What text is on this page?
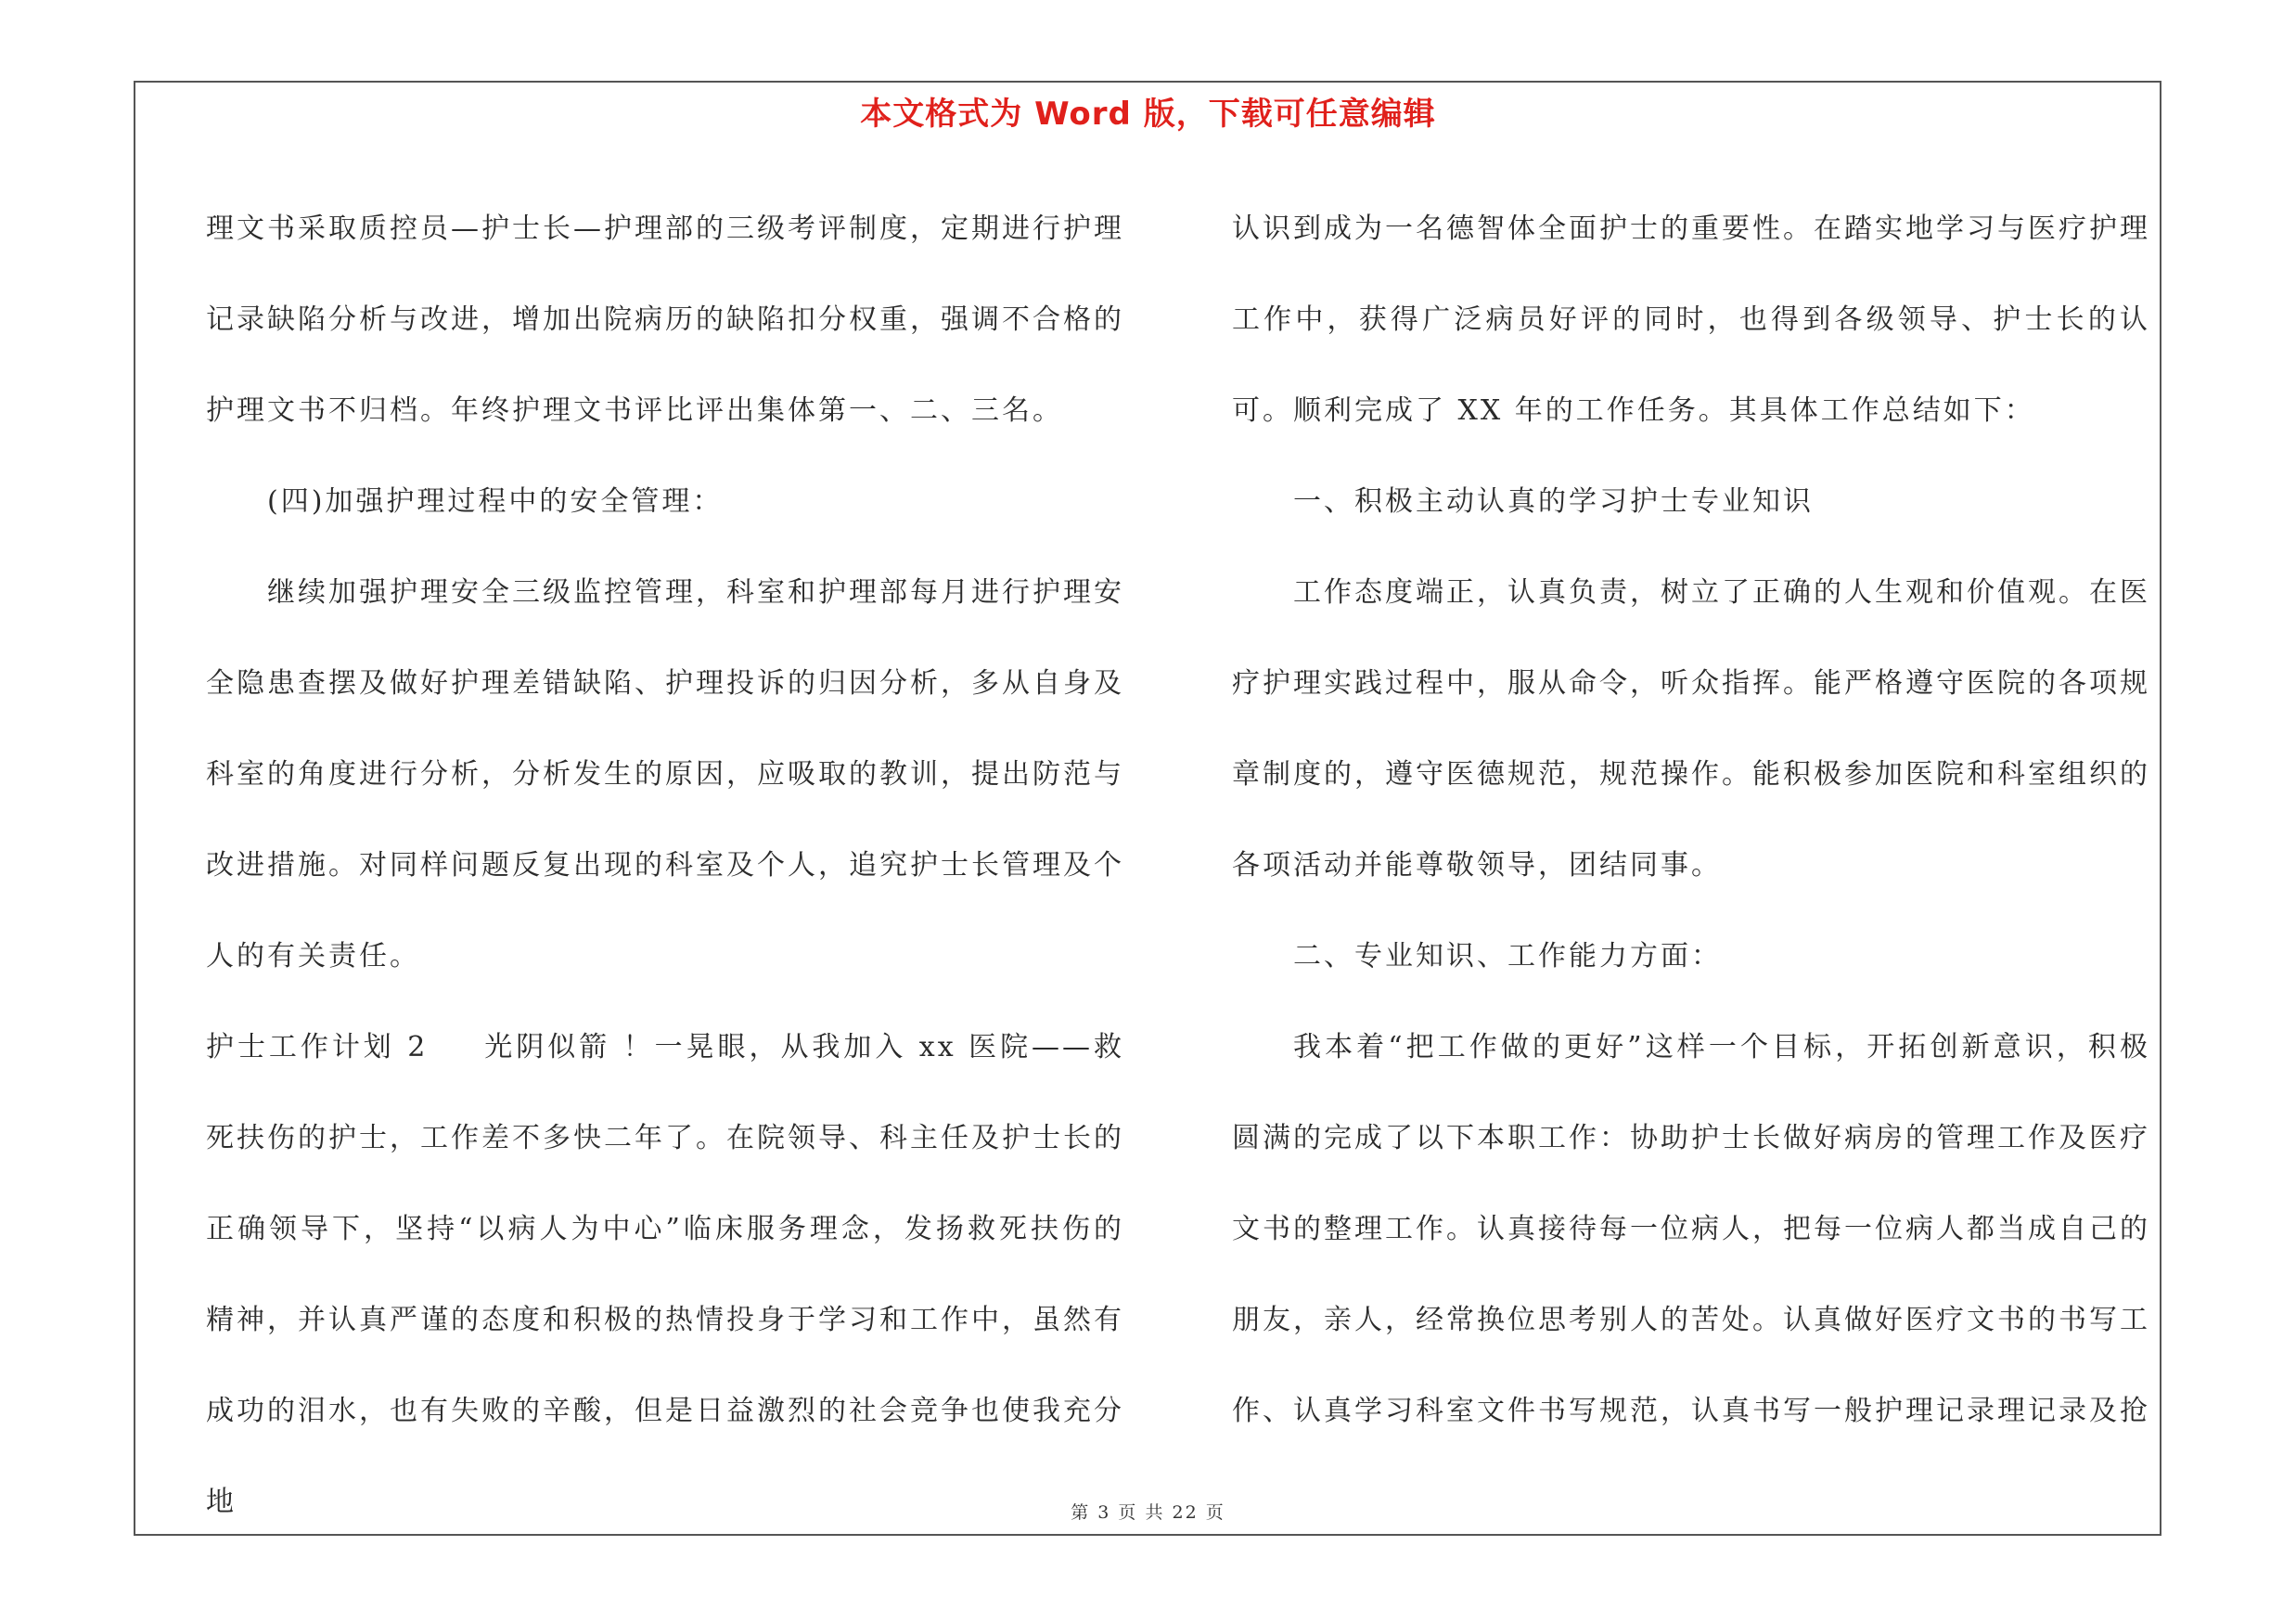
本文格式为 Word 版，下载可任意编辑

理文书采取质控员—护士长—护理部的三级考评制度，定期进行护理记录缺陷分析与改进，增加出院病历的缺陷扣分权重，强调不合格的护理文书不归档。年终护理文书评比评出集体第一、二、三名。

(四)加强护理过程中的安全管理：

继续加强护理安全三级监控管理，科室和护理部每月进行护理安全隐患查摆及做好护理差错缺陷、护理投诉的归因分析，多从自身及科室的角度进行分析，分析发生的原因，应吸取的教训，提出防范与改进措施。对同样问题反复出现的科室及个人，追究护士长管理及个人的有关责任。

护士工作计划 2 光阴似箭 ！一晃眼，从我加入 xx 医院——救死扶伤的护士，工作差不多快二年了。在院领导、科主任及护士长的正确领导下，坚持“以病人为中心”临床服务理念，发扬救死扶伤的精神，并认真严谨的态度和积极的热情投身于学习和工作中，虽然有成功的泪水，也有失败的辛酸，但是日益激烈的社会竞争也使我充分地

认识到成为一名德智体全面护士的重要性。在踏实地学习与医疗护理工作中，获得广泛病员好评的同时，也得到各级领导、护士长的认可。顺利完成了 XX 年的工作任务。其具体工作总结如下：

一、积极主动认真的学习护士专业知识

工作态度端正，认真负责，树立了正确的人生观和价值观。在医疗护理实践过程中，服从命令，听众指挥。能严格遵守医院的各项规章制度的，遵守医德规范，规范操作。能积极参加医院和科室组织的各项活动并能尊敬领导，团结同事。

二、专业知识、工作能力方面：

我本着“把工作做的更好”这样一个目标，开拓创新意识，积极圆满的完成了以下本职工作：协助护士长做好病房的管理工作及医疗文书的整理工作。认真接待每一位病人，把每一位病人都当成自己的朋友，亲人，经常换位思考别人的苦处。认真做好医疗文书的书写工作、认真学习科室文件书写规范，认真书写一般护理记录理记录及抢

第 3 页 共 22 页
